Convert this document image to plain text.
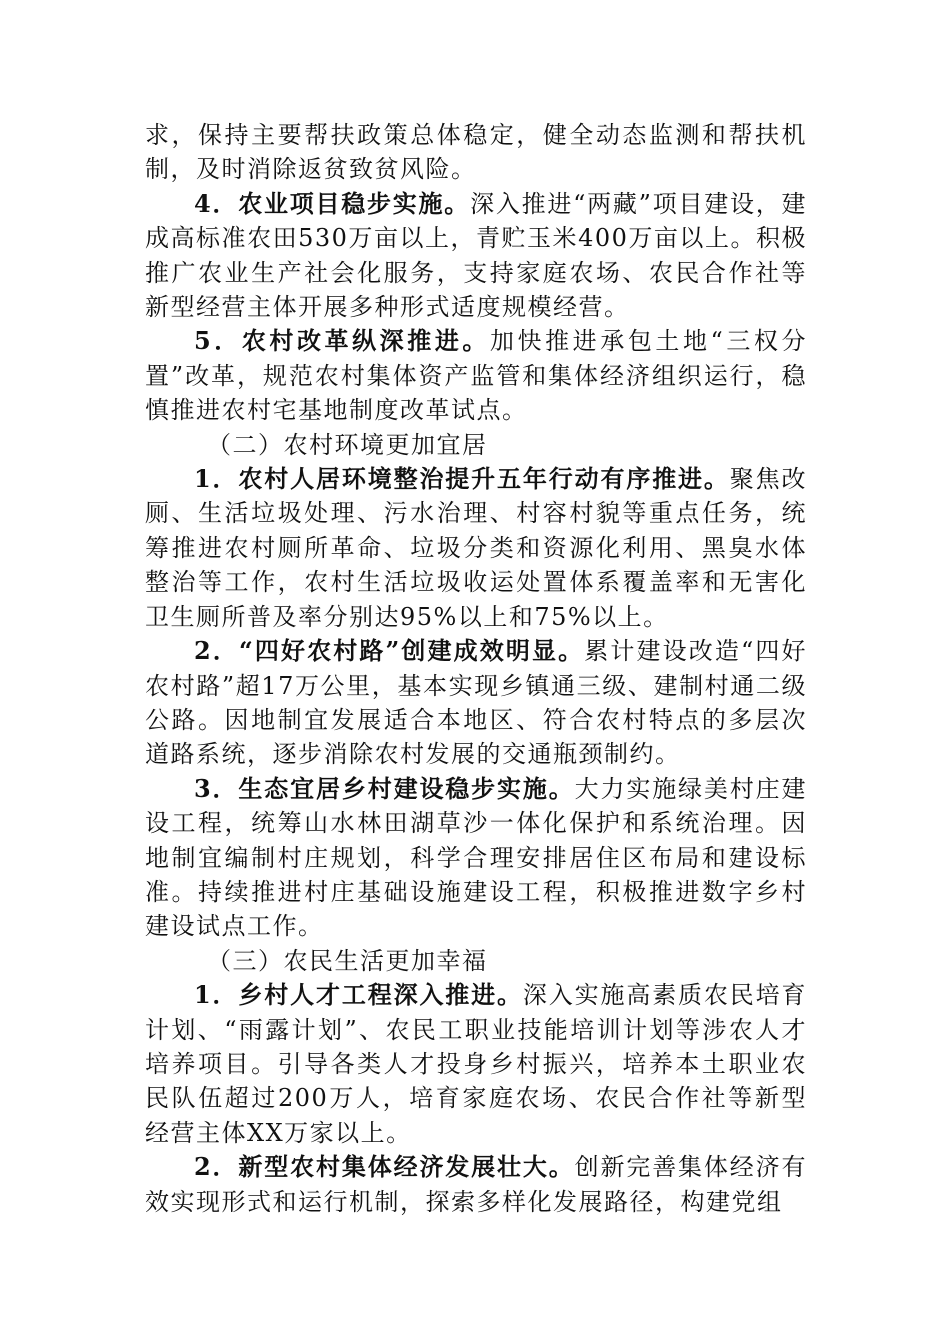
求，保持主要帮扶政策总体稳定，健全动态监测和帮扶机制，及时消除返贫致贫风险。

4．农业项目稳步实施。深入推进“两藏”项目建设，建成高标准农田530万亩以上，青贮玉米400万亩以上。积极推广农业生产社会化服务，支持家庭农场、农民合作社等新型经营主体开展多种形式适度规模经营。

5．农村改革纵深推进。加快推进承包土地“三权分置”改革，规范农村集体资产监管和集体经济组织运行，稳慎推进农村宅基地制度改革试点。

（二）农村环境更加宜居

1．农村人居环境整治提升五年行动有序推进。聚焦改厕、生活垃圾处理、污水治理、村容村貌等重点任务，统筹推进农村厕所革命、垃圾分类和资源化利用、黑臭水体整治等工作，农村生活垃圾收运处置体系覆盖率和无害化卫生厕所普及率分别达95%以上和75%以上。

2．“四好农村路”创建成效明显。累计建设改造“四好农村路”超17万公里，基本实现乡镇通三级、建制村通二级公路。因地制宜发展适合本地区、符合农村特点的多层次道路系统，逐步消除农村发展的交通瓶颈制约。

3．生态宜居乡村建设稳步实施。大力实施绿美村庄建设工程，统筹山水林田湖草沙一体化保护和系统治理。因地制宜编制村庄规划，科学合理安排居住区布局和建设标准。持续推进村庄基础设施建设工程，积极推进数字乡村建设试点工作。

（三）农民生活更加幸福

1．乡村人才工程深入推进。深入实施高素质农民培育计划、“雨露计划”、农民工职业技能培训计划等涉农人才培养项目。引导各类人才投身乡村振兴，培养本土职业农民队伍超过200万人，培育家庭农场、农民合作社等新型经营主体XX万家以上。

2．新型农村集体经济发展壮大。创新完善集体经济有效实现形式和运行机制，探索多样化发展路径，构建党组
